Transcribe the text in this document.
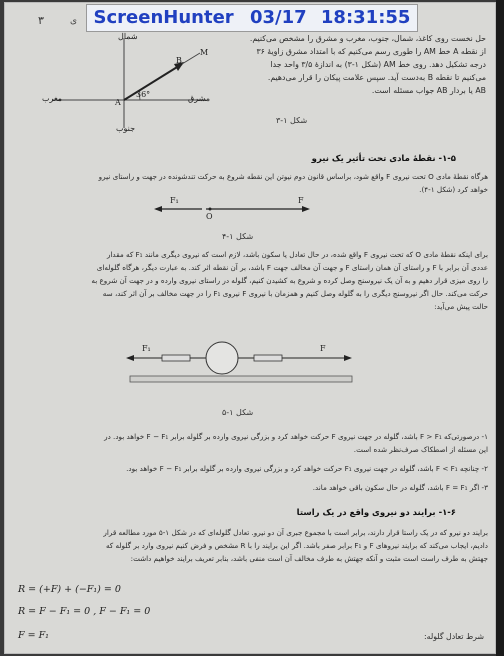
۳	ی
شمال
جنوب
مغرب	مشرق
A
B
M
36°
حل نخست روی کاغذ، شمال، جنوب، مغرب و مشرق را مشخص می‌کنیم.
از نقطه A خط AM را طوری رسم می‌کنیم که با امتداد مشرق زاویهٔ ۳۶
درجه تشکیل دهد. روی خط AM (شکل ۱-۳) به اندازهٔ ۳/۵ واحد جدا
می‌کنیم تا نقطه B به‌دست آید. سپس علامت پیکان را قرار می‌دهیم.
AB یا بردار AB جواب مسئله است.
شکل ۱-۳
۱-۵- نقطهٔ مادی تحت تأثیر یک نیرو
هرگاه نقطهٔ مادی O تحت نیروی F واقع شود، براساس قانون دوم نیوتن این نقطه شروع به حرکت تندشونده در جهت و راستای نیرو
خواهد کرد (شکل ۱-۴).
F₁	F
O
شکل ۱-۴
برای اینکه نقطهٔ مادی O که تحت نیروی F واقع شده، در حال تعادل یا سکون باشد، لازم است که نیروی دیگری مانند F₁ که مقدار
عددی آن برابر با F و راستای آن همان راستای F و جهت آن مخالف جهت F باشد، بر آن نقطه اثر کند. به عبارت دیگر، هرگاه گلوله‌ای
را روی میزی قرار دهیم و به آن یک نیروسنج وصل کرده و شروع به کشیدن کنیم، گلوله در راستای نیروی وارده و در جهت آن شروع به
حرکت می‌کند. حال اگر نیروسنج دیگری را به گلوله وصل کنیم و همزمان با نیروی F نیروی F₁ را در جهت مخالف بر آن اثر کند، سه
حالت پیش می‌آید:
F₁	F
شکل ۱-۵
۱- درصورتی‌که F > F₁ باشد، گلوله در جهت نیروی F حرکت خواهد کرد و بزرگی نیروی وارده بر گلوله برابر F − F₁ خواهد بود. در
این مسئله از اصطکاک صرف‌نظر شده است.
۲- چنانچه F < F₁ باشد، گلوله در جهت نیروی F₁ حرکت خواهد کرد و بزرگی نیروی وارده بر گلوله برابر F − F₁ خواهد بود.
۳- اگر F = F₁ باشد، گلوله در حال سکون باقی خواهد ماند.
۱-۶- برایند دو نیروی واقع در یک راستا
برایند دو نیرو که در یک راستا قرار دارند، برابر است با مجموع جبری آن دو نیرو. تعادل گلوله‌ای که در شکل ۱-۵ مورد مطالعه قرار
دادیم، ایجاب می‌کند که برایند نیروهای F و F₁ برابر صفر باشد. اگر این برایند را با R مشخص و فرض کنیم نیروی وارد بر گلوله که
جهتش به طرف راست است مثبت و آنکه جهتش به طرف مخالف آن است منفی باشد، بنابر تعریف برایند خواهیم داشت:
R = (+F) + (−F₁) = 0
R = F − F₁ = 0 , F − F₁ = 0
F = F₁	شرط تعادل گلوله:
ScreenHunter 03/17 18:31:55
